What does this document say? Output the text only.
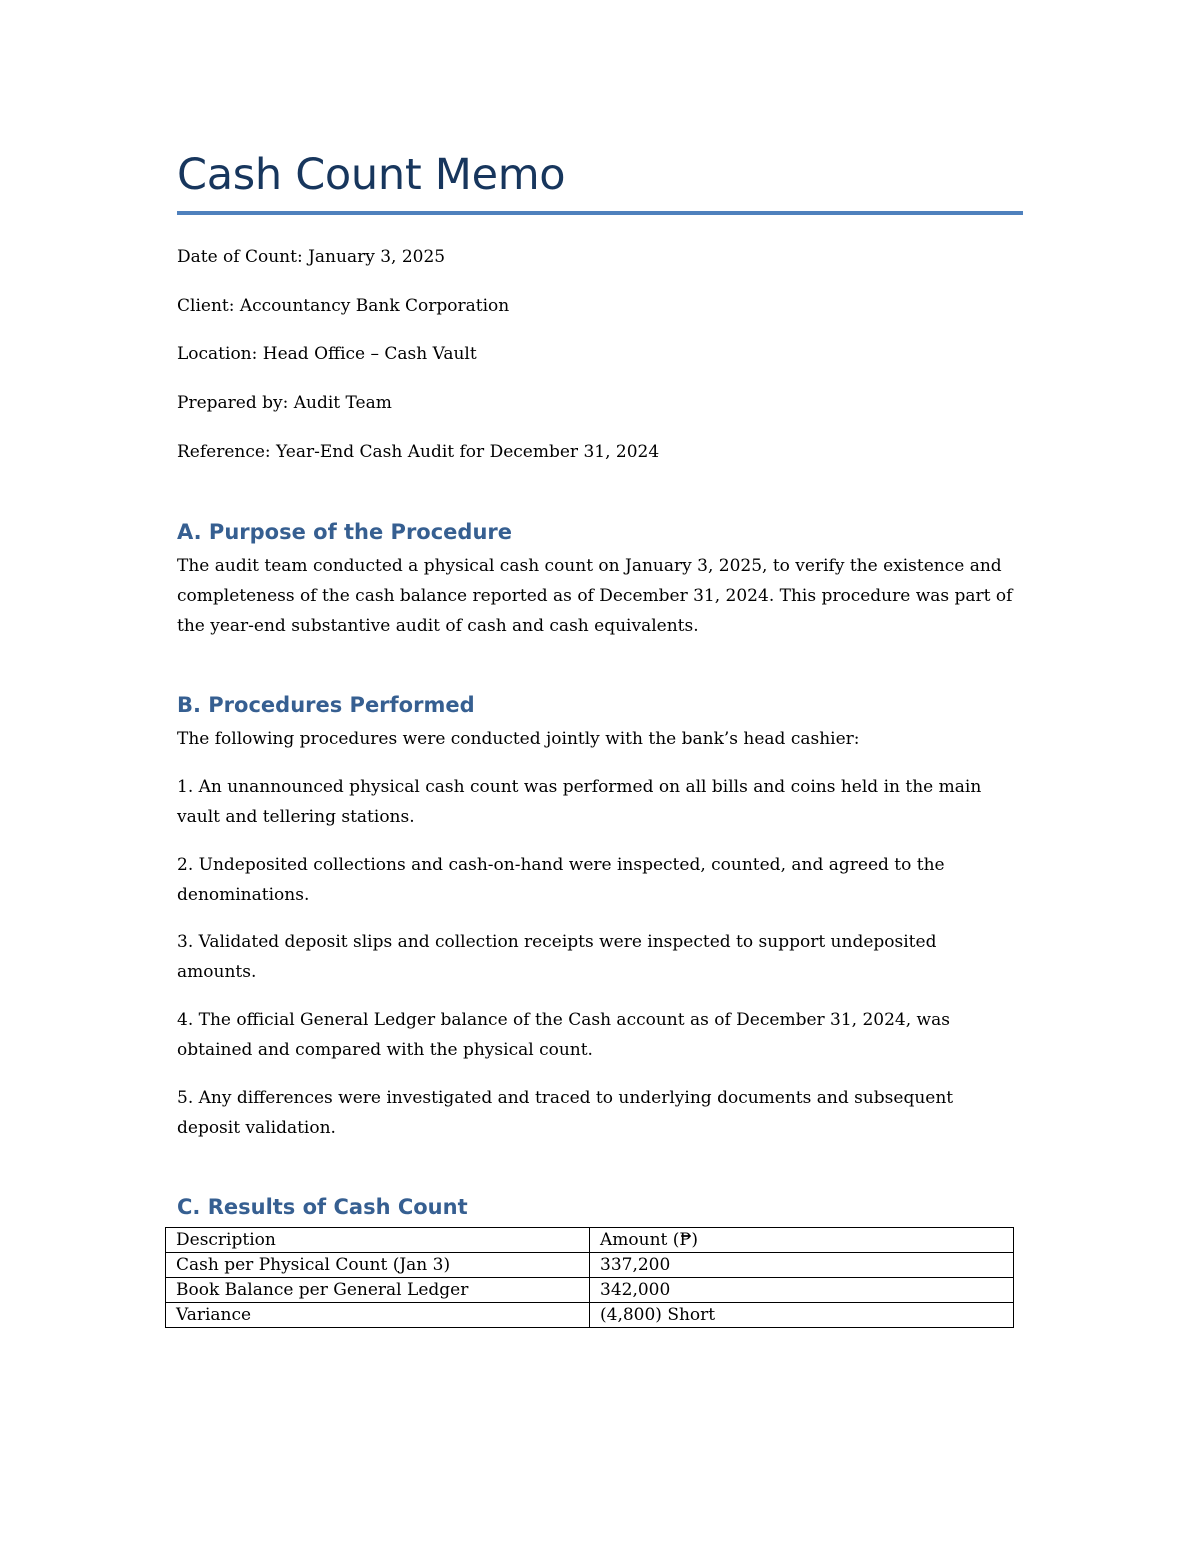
Cash Count Memo

Date of Count: January 3, 2025

Client: Accountancy Bank Corporation

Location: Head Office – Cash Vault

Prepared by: Audit Team

Reference: Year-End Cash Audit for December 31, 2024

A. Purpose of the Procedure

The audit team conducted a physical cash count on January 3, 2025, to verify the existence and completeness of the cash balance reported as of December 31, 2024. This procedure was part of the year-end substantive audit of cash and cash equivalents.

B. Procedures Performed

The following procedures were conducted jointly with the bank’s head cashier:

1. An unannounced physical cash count was performed on all bills and coins held in the main vault and tellering stations.

2. Undeposited collections and cash-on-hand were inspected, counted, and agreed to the denominations.

3. Validated deposit slips and collection receipts were inspected to support undeposited amounts.

4. The official General Ledger balance of the Cash account as of December 31, 2024, was obtained and compared with the physical count.

5. Any differences were investigated and traced to underlying documents and subsequent deposit validation.

C. Results of Cash Count
Description	Amount (₱)
Cash per Physical Count (Jan 3)	337,200
Book Balance per General Ledger	342,000
Variance	(4,800) Short
